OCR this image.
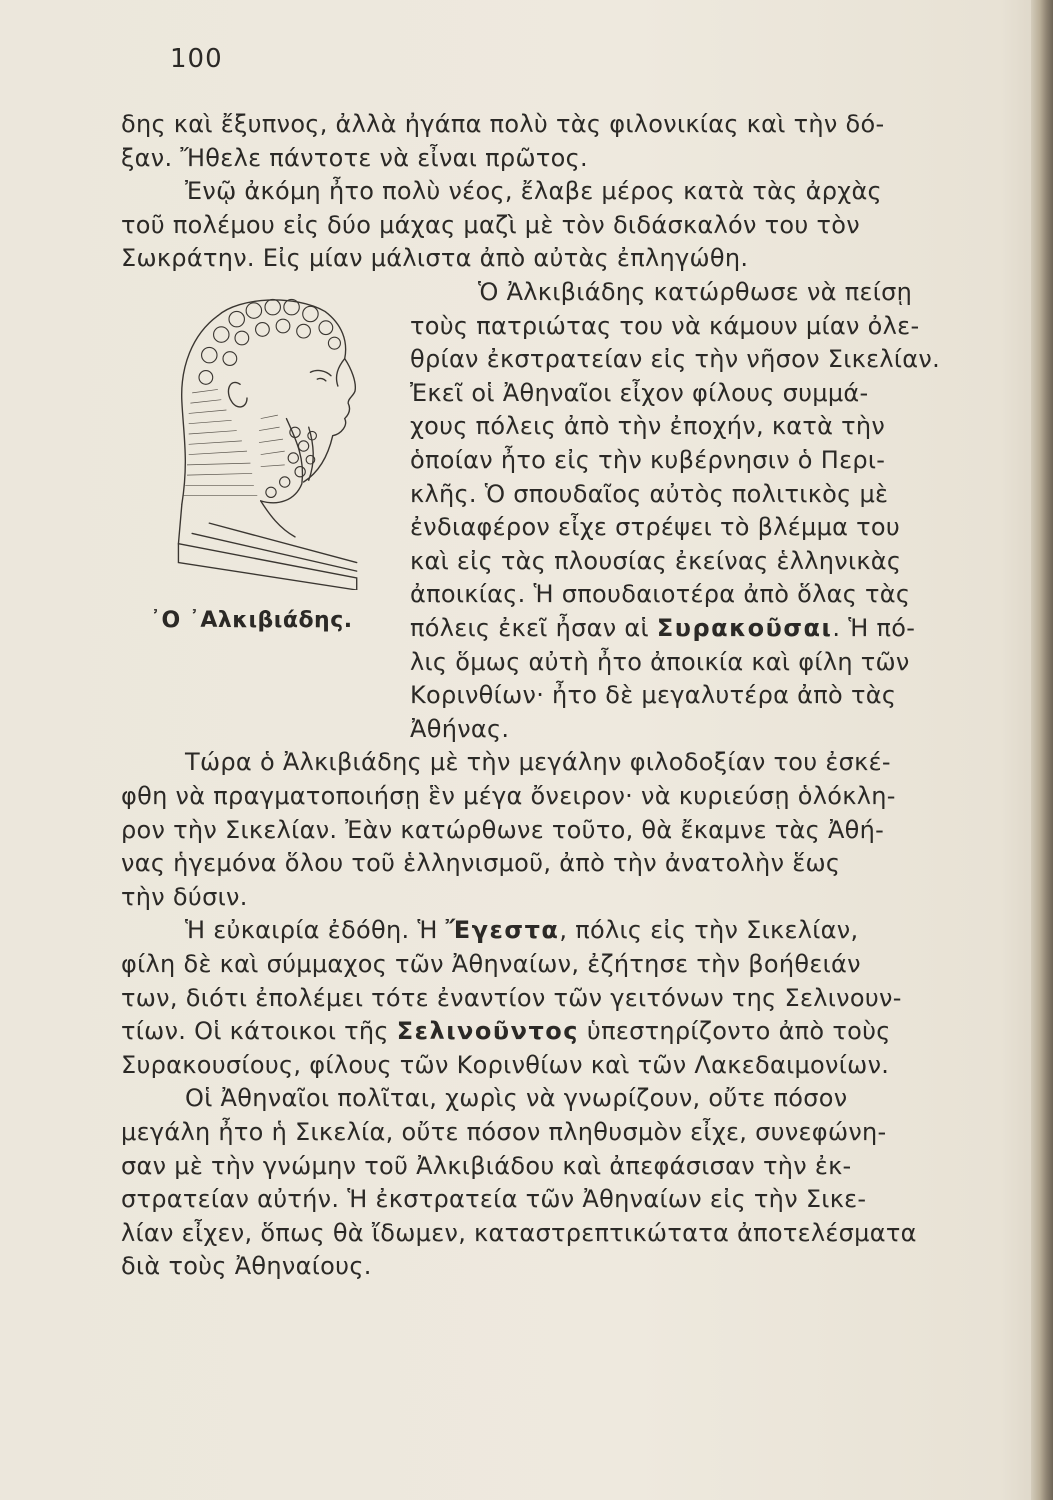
100
᾿Ο ᾿Αλκιβιάδης.
δης καὶ ἔξυπνος, ἀλλὰ ἠγάπα πολὺ τὰς φιλονικίας καὶ τὴν δό-
ξαν. Ἤθελε πάντοτε νὰ εἶναι πρῶτος.
Ἐνῷ ἀκόμη ἦτο πολὺ νέος, ἔλαβε μέρος κατὰ τὰς ἀρχὰς
τοῦ πολέμου εἰς δύο μάχας μαζὶ μὲ τὸν διδάσκαλόν του τὸν
Σωκράτην. Εἰς μίαν μάλιστα ἀπὸ αὐτὰς ἐπληγώθη.
Ὁ Ἀλκιβιάδης κατώρθωσε νὰ πείσῃ
τοὺς πατριώτας του νὰ κάμουν μίαν ὀλε-
θρίαν ἐκστρατείαν εἰς τὴν νῆσον Σικελίαν.
Ἐκεῖ οἱ Ἀθηναῖοι εἶχον φίλους συμμά-
χους πόλεις ἀπὸ τὴν ἐποχήν, κατὰ τὴν
ὁποίαν ἦτο εἰς τὴν κυβέρνησιν ὁ Περι-
κλῆς. Ὁ σπουδαῖος αὐτὸς πολιτικὸς μὲ
ἐνδιαφέρον εἶχε στρέψει τὸ βλέμμα του
καὶ εἰς τὰς πλουσίας ἐκείνας ἑλληνικὰς
ἀποικίας. Ἡ σπουδαιοτέρα ἀπὸ ὅλας τὰς
πόλεις ἐκεῖ ἦσαν αἱ Συρακοῦσαι. Ἡ πό-
λις ὅμως αὐτὴ ἦτο ἀποικία καὶ φίλη τῶν
Κορινθίων· ἦτο δὲ μεγαλυτέρα ἀπὸ τὰς
Ἀθήνας.
Τώρα ὁ Ἀλκιβιάδης μὲ τὴν μεγάλην φιλοδοξίαν του ἐσκέ-
φθη νὰ πραγματοποιήσῃ ἓν μέγα ὄνειρον· νὰ κυριεύσῃ ὁλόκλη-
ρον τὴν Σικελίαν. Ἐὰν κατώρθωνε τοῦτο, θὰ ἔκαμνε τὰς Ἀθή-
νας ἡγεμόνα ὅλου τοῦ ἑλληνισμοῦ, ἀπὸ τὴν ἀνατολὴν ἕως
τὴν δύσιν.
Ἡ εὐκαιρία ἐδόθη. Ἡ Ἔγεστα, πόλις εἰς τὴν Σικελίαν,
φίλη δὲ καὶ σύμμαχος τῶν Ἀθηναίων, ἐζήτησε τὴν βοήθειάν
των, διότι ἐπολέμει τότε ἐναντίον τῶν γειτόνων της Σελινουν-
τίων. Οἱ κάτοικοι τῆς Σελινοῦντος ὑπεστηρίζοντο ἀπὸ τοὺς
Συρακουσίους, φίλους τῶν Κορινθίων καὶ τῶν Λακεδαιμονίων.
Οἱ Ἀθηναῖοι πολῖται, χωρὶς νὰ γνωρίζουν, οὔτε πόσον
μεγάλη ἦτο ἡ Σικελία, οὔτε πόσον πληθυσμὸν εἶχε, συνεφώνη-
σαν μὲ τὴν γνώμην τοῦ Ἀλκιβιάδου καὶ ἀπεφάσισαν τὴν ἐκ-
στρατείαν αὐτήν. Ἡ ἐκστρατεία τῶν Ἀθηναίων εἰς τὴν Σικε-
λίαν εἶχεν, ὅπως θὰ ἴδωμεν, καταστρεπτικώτατα ἀποτελέσματα
διὰ τοὺς Ἀθηναίους.
